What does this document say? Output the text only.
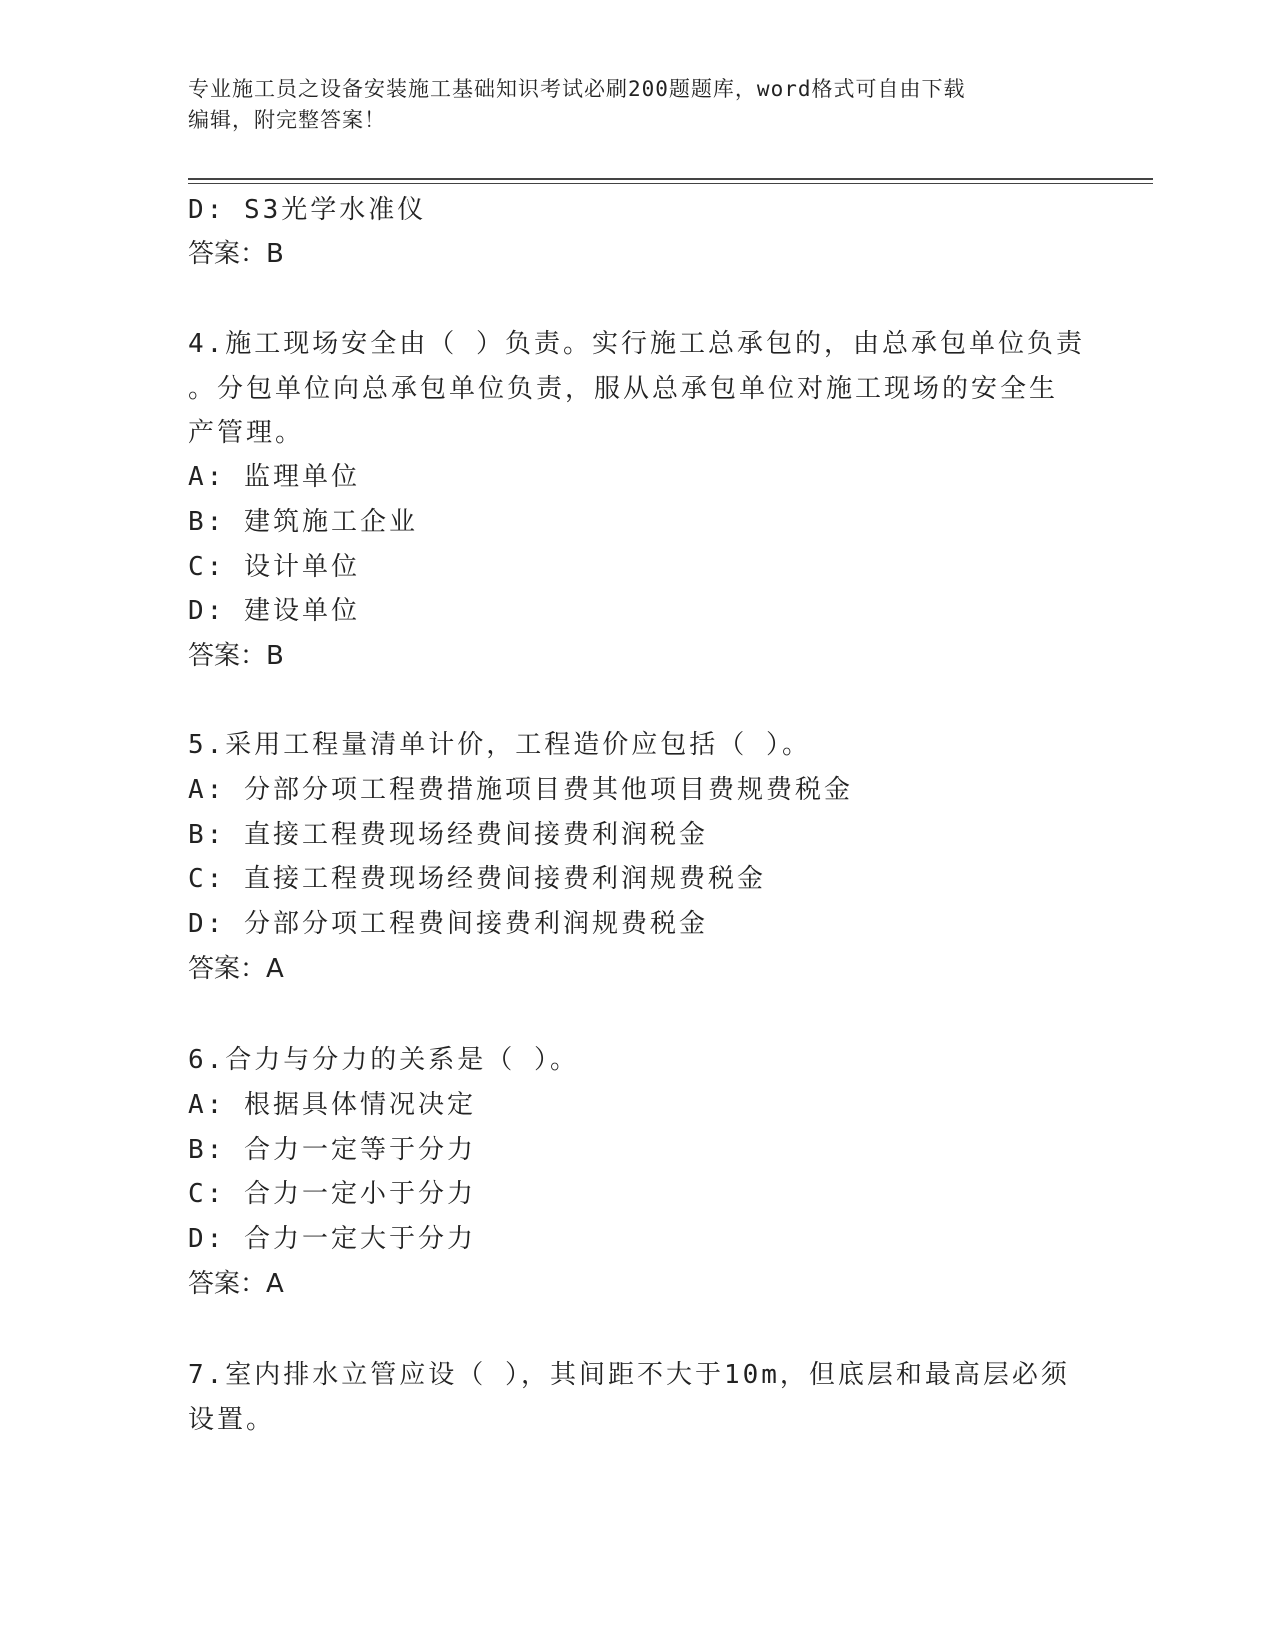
专业施工员之设备安装施工基础知识考试必刷200题题库，word格式可自由下载
编辑，附完整答案！
D: S3光学水准仪
答案：B
4.施工现场安全由（ ）负责。实行施工总承包的，由总承包单位负责
。分包单位向总承包单位负责，服从总承包单位对施工现场的安全生
产管理。
A: 监理单位
B: 建筑施工企业
C: 设计单位
D: 建设单位
答案：B
5.采用工程量清单计价，工程造价应包括（ ）。
A: 分部分项工程费措施项目费其他项目费规费税金
B: 直接工程费现场经费间接费利润税金
C: 直接工程费现场经费间接费利润规费税金
D: 分部分项工程费间接费利润规费税金
答案：A
6.合力与分力的关系是（ ）。
A: 根据具体情况决定
B: 合力一定等于分力
C: 合力一定小于分力
D: 合力一定大于分力
答案：A
7.室内排水立管应设（ ），其间距不大于10m，但底层和最高层必须
设置。
